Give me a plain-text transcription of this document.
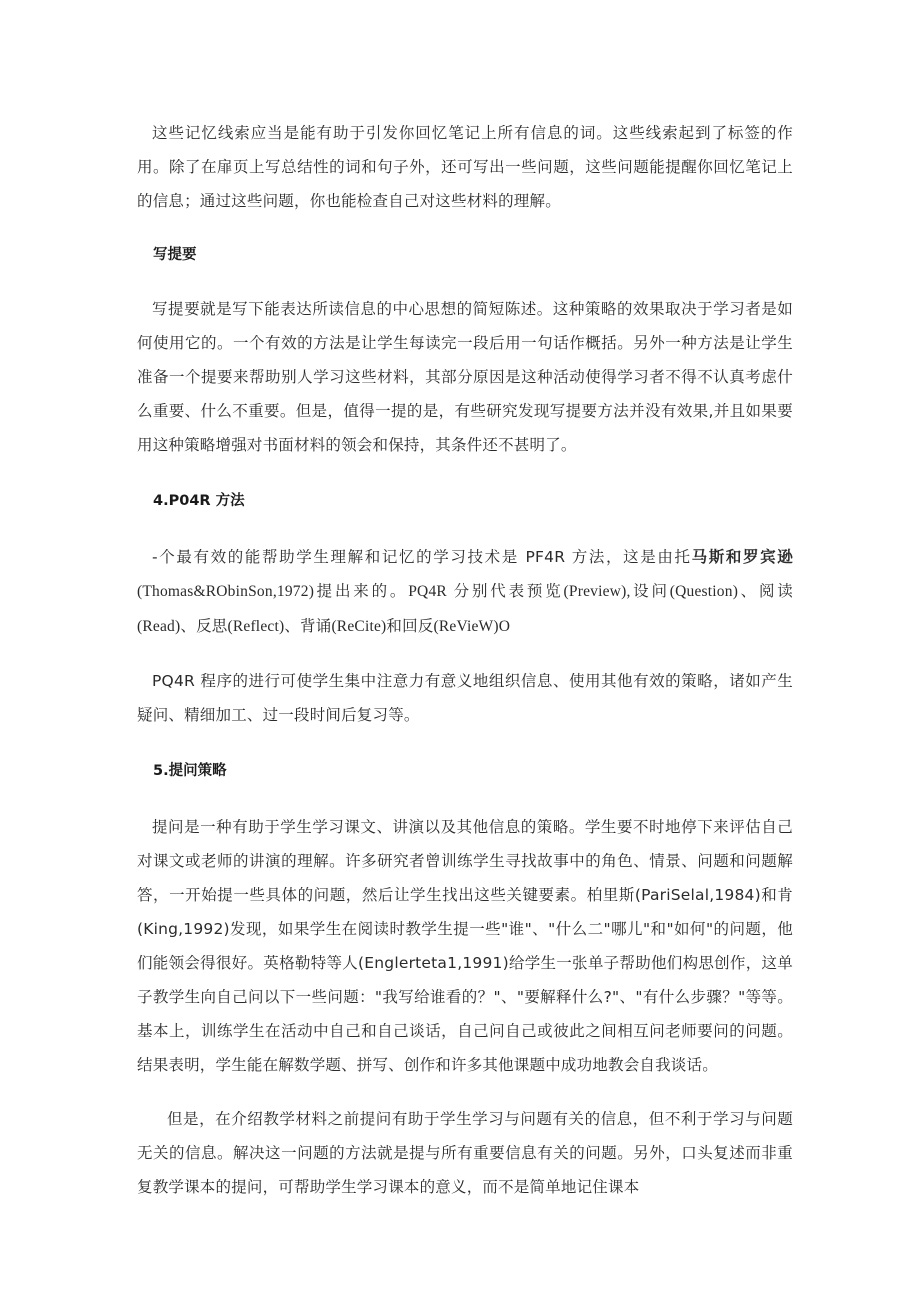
这些记忆线索应当是能有助于引发你回忆笔记上所有信息的词。这些线索起到了标签的作用。除了在扉页上写总结性的词和句子外，还可写出一些问题，这些问题能提醒你回忆笔记上的信息；通过这些问题，你也能检查自己对这些材料的理解。

写提要

写提要就是写下能表达所读信息的中心思想的简短陈述。这种策略的效果取决于学习者是如何使用它的。一个有效的方法是让学生每读完一段后用一句话作概括。另外一种方法是让学生准备一个提要来帮助别人学习这些材料，其部分原因是这种活动使得学习者不得不认真考虑什么重要、什么不重要。但是，值得一提的是，有些研究发现写提要方法并没有效果,并且如果要用这种策略增强对书面材料的领会和保持，其条件还不甚明了。

4.P04R 方法

-个最有效的能帮助学生理解和记忆的学习技术是 PF4R 方法，这是由托马斯和罗宾逊(Thomas&RObinSon,1972)提出来的。PQ4R 分别代表预览(Preview),设问(Question)、阅读(Read)、反思(Reflect)、背诵(ReCite)和回反(ReVieW)O

PQ4R 程序的进行可使学生集中注意力有意义地组织信息、使用其他有效的策略，诸如产生疑问、精细加工、过一段时间后复习等。

5.提问策略

提问是一种有助于学生学习课文、讲演以及其他信息的策略。学生要不时地停下来评估自己对课文或老师的讲演的理解。许多研究者曾训练学生寻找故事中的角色、情景、问题和问题解答，一开始提一些具体的问题，然后让学生找出这些关键要素。柏里斯(PariSelal,1984)和肯(King,1992)发现，如果学生在阅读时教学生提一些"谁"、"什么二"哪儿"和"如何"的问题，他们能领会得很好。英格勒特等人(Englerteta1,1991)给学生一张单子帮助他们构思创作，这单子教学生向自己问以下一些问题："我写给谁看的？"、"要解释什么?"、"有什么步骤？"等等。基本上，训练学生在活动中自己和自己谈话，自己问自己或彼此之间相互问老师要问的问题。结果表明，学生能在解数学题、拼写、创作和许多其他课题中成功地教会自我谈话。

但是，在介绍教学材料之前提问有助于学生学习与问题有关的信息，但不利于学习与问题无关的信息。解决这一问题的方法就是提与所有重要信息有关的问题。另外，口头复述而非重复教学课本的提问，可帮助学生学习课本的意义，而不是简单地记住课本
